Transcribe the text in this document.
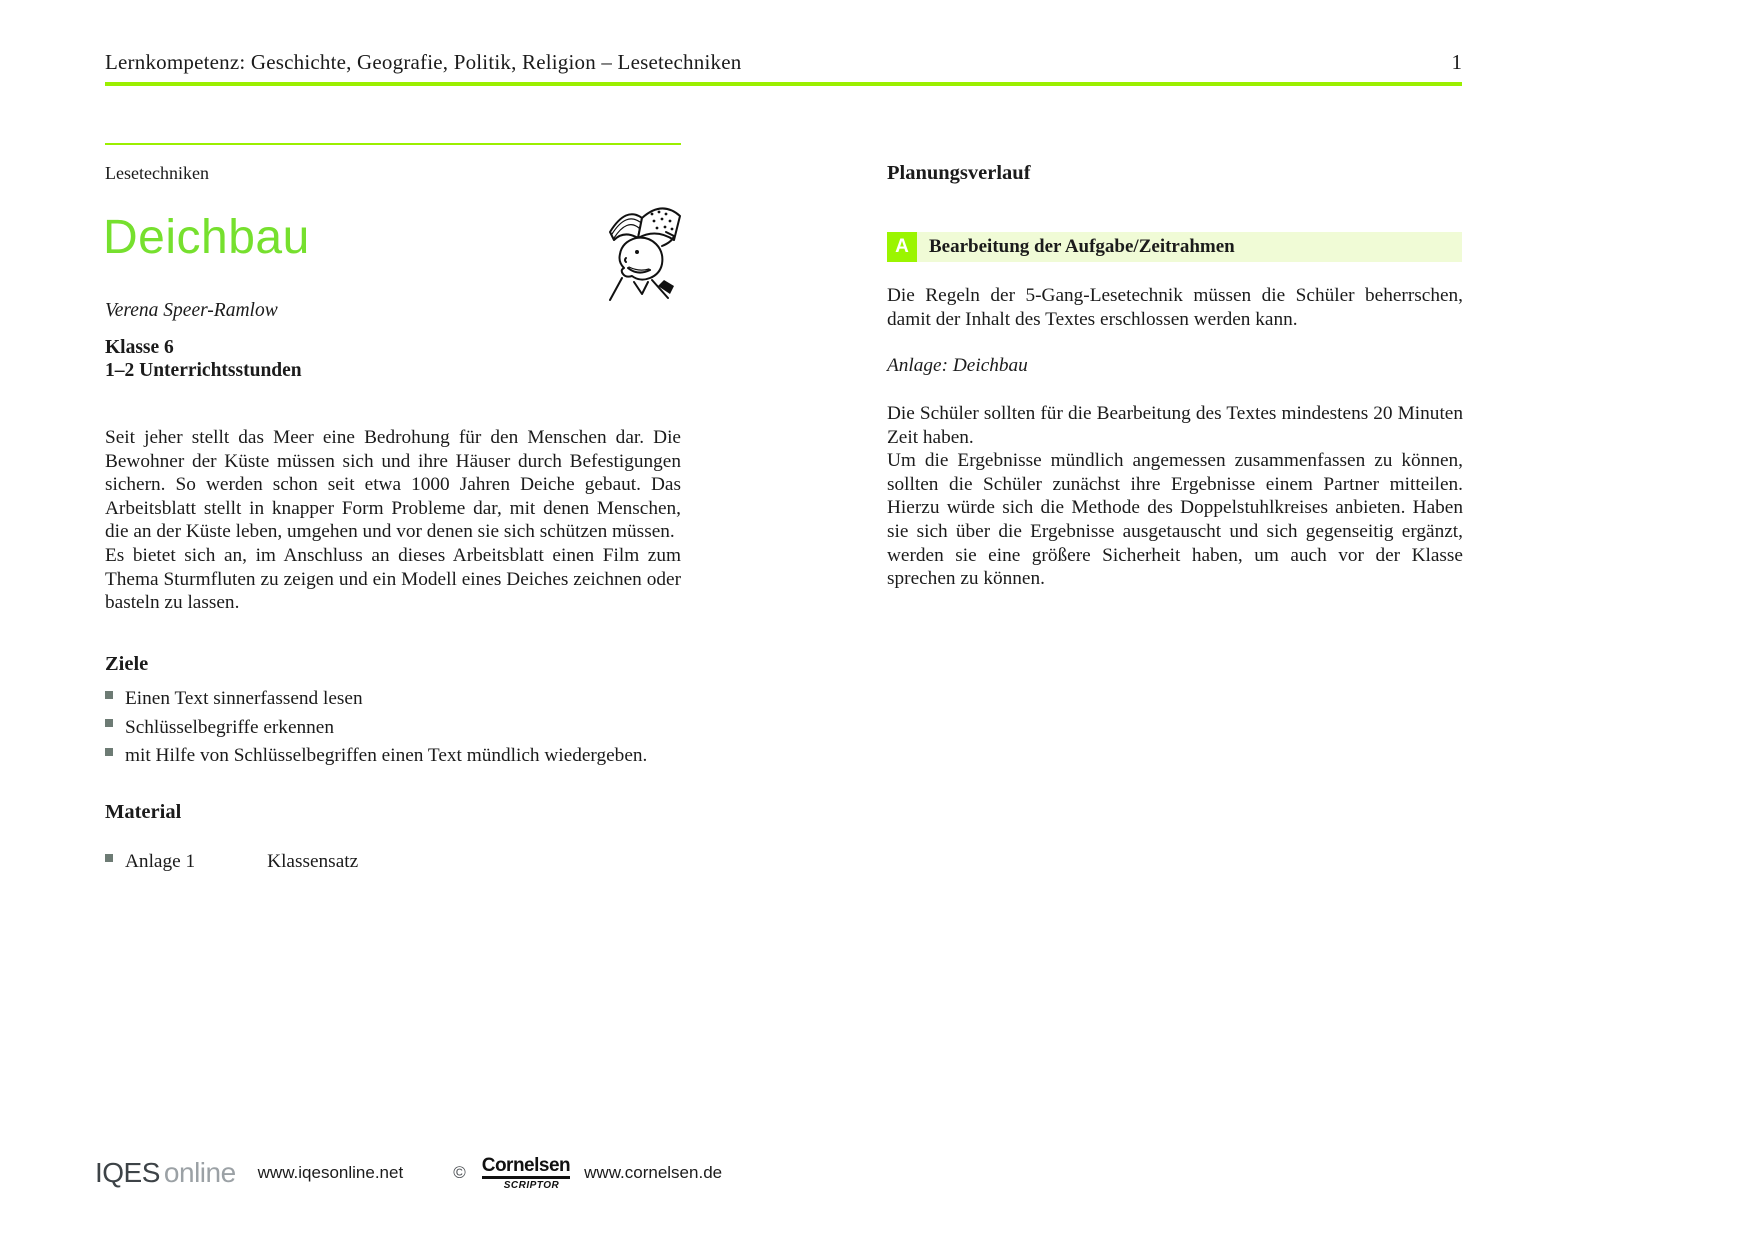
Lernkompetenz: Geschichte, Geografie, Politik, Religion – Lesetechniken	1
Lesetechniken
Deichbau
Verena Speer-Ramlow
Klasse 6
1–2 Unterrichtsstunden

Seit jeher stellt das Meer eine Bedrohung für den Menschen dar. Die Bewohner der Küste müssen sich und ihre Häuser durch Befestigungen sichern. So werden schon seit etwa 1000 Jahren Deiche gebaut. Das Arbeitsblatt stellt in knapper Form Probleme dar, mit denen Menschen, die an der Küste leben, umgehen und vor denen sie sich schützen müssen.

Es bietet sich an, im Anschluss an dieses Arbeitsblatt einen Film zum Thema Sturmfluten zu zeigen und ein Modell eines Deiches zeichnen oder basteln zu lassen.

Ziele
Einen Text sinnerfassend lesen
Schlüsselbegriffe erkennen
mit Hilfe von Schlüsselbegriffen einen Text mündlich wiedergeben.
Material
Anlage 1	Klassensatz
Planungsverlauf
A	Bearbeitung der Aufgabe/Zeitrahmen
Die Regeln der 5-Gang-Lesetechnik müssen die Schüler beherrschen, damit der Inhalt des Textes erschlossen werden kann.
Anlage: Deichbau

Die Schüler sollten für die Bearbeitung des Textes mindestens 20 Minuten Zeit haben.

Um die Ergebnisse mündlich angemessen zusammenfassen zu können, sollten die Schüler zunächst ihre Ergebnisse einem Partner mitteilen. Hierzu würde sich die Methode des Doppelstuhlkreises anbieten. Haben sie sich über die Ergebnisse ausgetauscht und sich gegenseitig ergänzt, werden sie eine größere Sicherheit haben, um auch vor der Klasse sprechen zu können.

IQES online www.iqesonline.net	© Cornelsen
SCRIPTOR
www.cornelsen.de
